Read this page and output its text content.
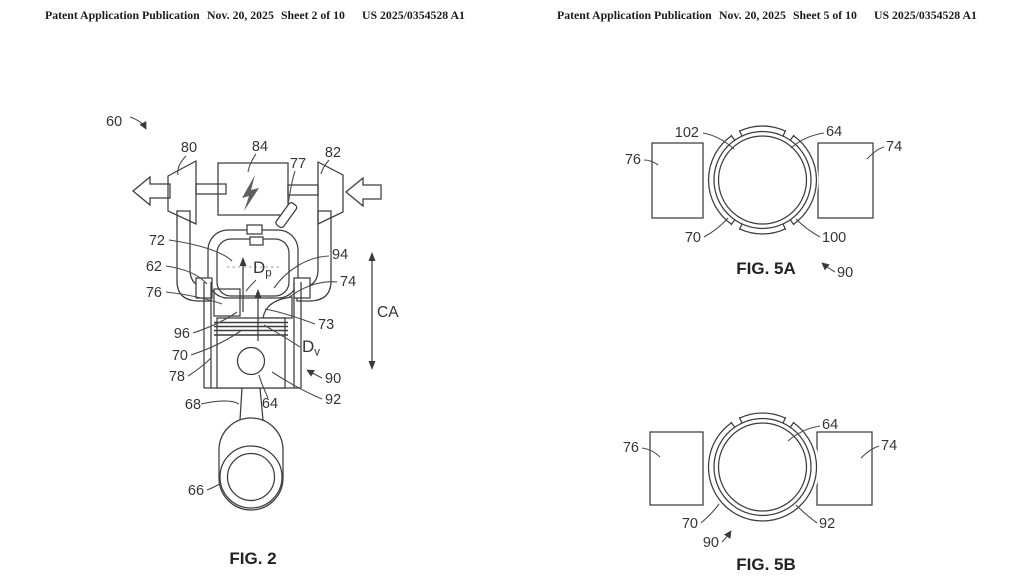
Patent Application Publication Nov. 20, 2025 Sheet 2 of 10 US 2025/0354528 A1
60
80	84
77
82
72
62
76
96
70
78
94
74
73
90
92
68	64
66
$D_p$
$D_v$
CA
FIG. 2
Patent Application Publication Nov. 20, 2025 Sheet 5 of 10 US 2025/0354528 A1
102	64
76
74
70	100
90
FIG. 5A
76
64
74
70	92
90
FIG. 5B
